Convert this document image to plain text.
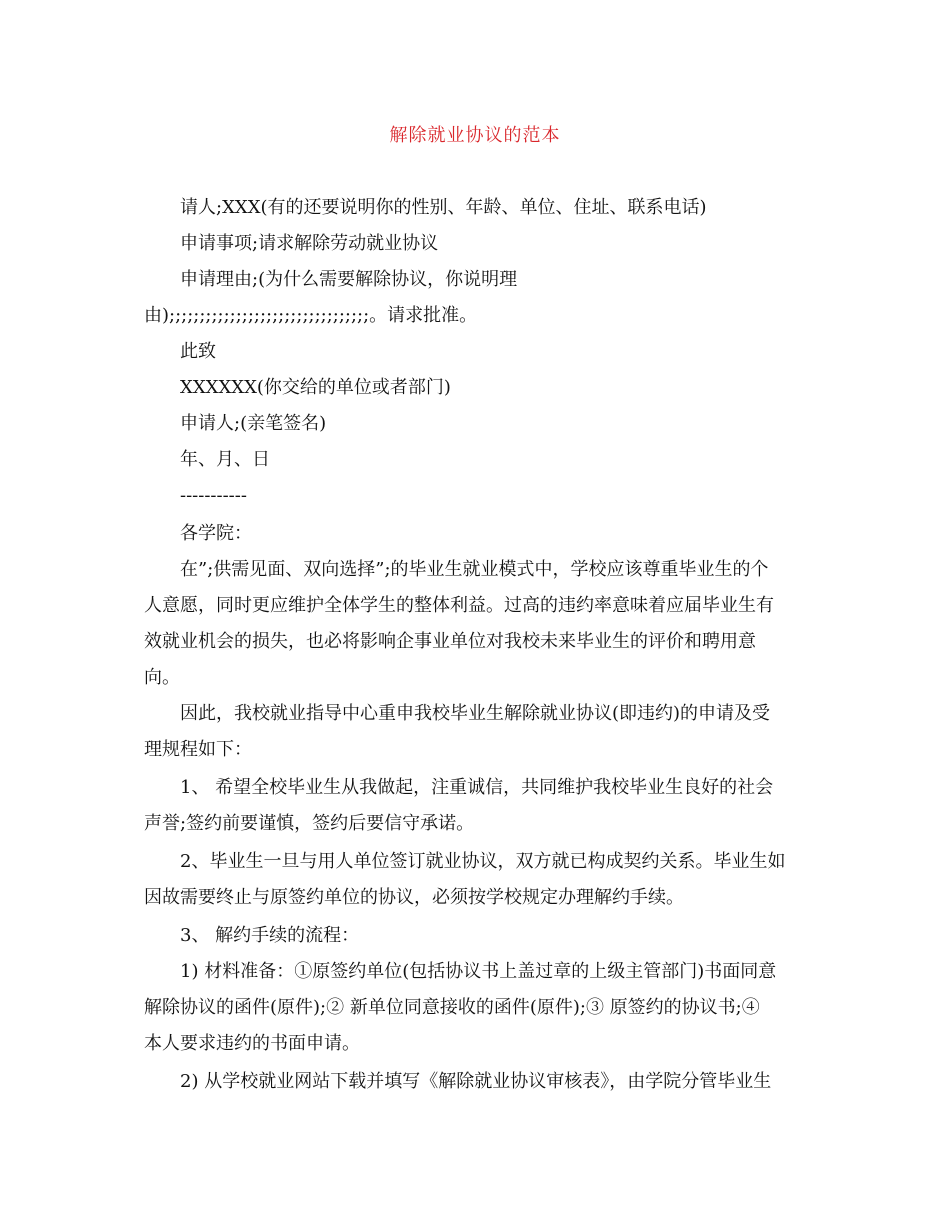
解除就业协议的范本
请人;XXX(有的还要说明你的性别、年龄、单位、住址、联系电话)
申请事项;请求解除劳动就业协议
申请理由;(为什么需要解除协议，你说明理
由);;;;;;;;;;;;;;;;;;;;;;;;;;;;;;;;;。请求批准。
此致
XXXXXX(你交给的单位或者部门)
申请人;(亲笔签名)
年、月、日
-----------
各学院：
在”;供需见面、双向选择”;的毕业生就业模式中，学校应该尊重毕业生的个
人意愿，同时更应维护全体学生的整体利益。过高的违约率意味着应届毕业生有
效就业机会的损失，也必将影响企事业单位对我校未来毕业生的评价和聘用意
向。
因此，我校就业指导中心重申我校毕业生解除就业协议(即违约)的申请及受
理规程如下：
1、 希望全校毕业生从我做起，注重诚信，共同维护我校毕业生良好的社会
声誉;签约前要谨慎，签约后要信守承诺。
2、毕业生一旦与用人单位签订就业协议，双方就已构成契约关系。毕业生如
因故需要终止与原签约单位的协议，必须按学校规定办理解约手续。
3、 解约手续的流程：
1) 材料准备：①原签约单位(包括协议书上盖过章的上级主管部门)书面同意
解除协议的函件(原件);② 新单位同意接收的函件(原件);③ 原签约的协议书;④
本人要求违约的书面申请。
2) 从学校就业网站下载并填写《解除就业协议审核表》，由学院分管毕业生
